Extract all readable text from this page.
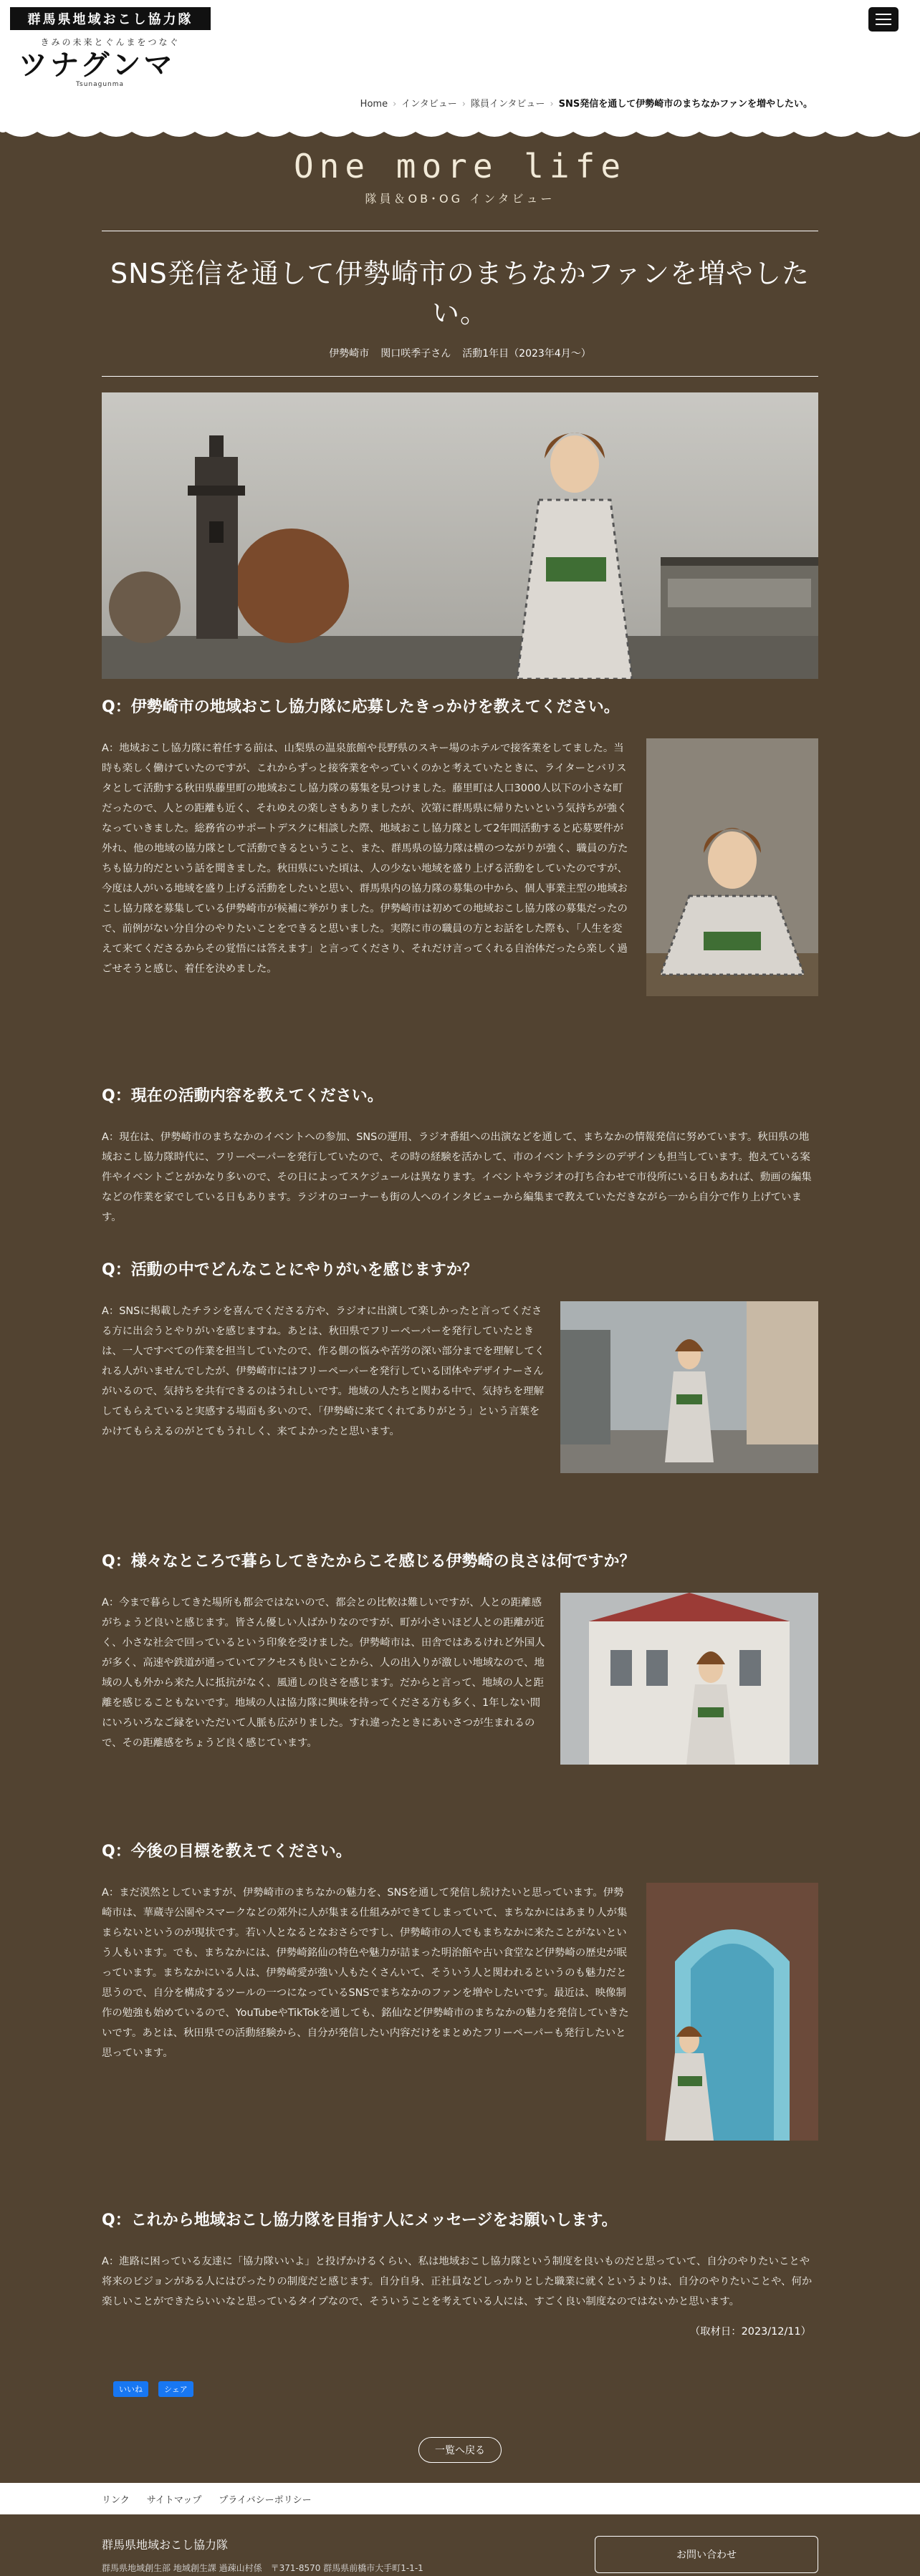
群馬県地域おこし協力隊
きみの未来とぐんまをつなぐ
ツナグンマ
Tsunagunma
Home › インタビュー › 隊員インタビュー › SNS発信を通して伊勢崎市のまちなかファンを増やしたい。
One more life
隊員＆OB･OG インタビュー
SNS発信を通して伊勢崎市のまちなかファンを増やしたい。
伊勢崎市 関口咲季子さん 活動1年目（2023年4月〜）
Q：伊勢崎市の地域おこし協力隊に応募したきっかけを教えてください。

A：地域おこし協力隊に着任する前は、山梨県の温泉旅館や長野県のスキー場のホテルで接客業をしてました。当時も楽しく働けていたのですが、これからずっと接客業をやっていくのかと考えていたときに、ライターとバリスタとして活動する秋田県藤里町の地域おこし協力隊の募集を見つけました。藤里町は人口3000人以下の小さな町だったので、人との距離も近く、それゆえの楽しさもありましたが、次第に群馬県に帰りたいという気持ちが強くなっていきました。総務省のサポートデスクに相談した際、地域おこし協力隊として2年間活動すると応募要件が外れ、他の地域の協力隊として活動できるということ、また、群馬県の協力隊は横のつながりが強く、職員の方たちも協力的だという話を聞きました。秋田県にいた頃は、人の少ない地域を盛り上げる活動をしていたのですが、今度は人がいる地域を盛り上げる活動をしたいと思い、群馬県内の協力隊の募集の中から、個人事業主型の地域おこし協力隊を募集している伊勢崎市が候補に挙がりました。伊勢崎市は初めての地域おこし協力隊の募集だったので、前例がない分自分のやりたいことをできると思いました。実際に市の職員の方とお話をした際も、「人生を変えて来てくださるからその覚悟には答えます」と言ってくださり、それだけ言ってくれる自治体だったら楽しく過ごせそうと感じ、着任を決めました。

Q：現在の活動内容を教えてください。

A：現在は、伊勢崎市のまちなかのイベントへの参加、SNSの運用、ラジオ番組への出演などを通して、まちなかの情報発信に努めています。秋田県の地域おこし協力隊時代に、フリーペーパーを発行していたので、その時の経験を活かして、市のイベントチラシのデザインも担当しています。抱えている案件やイベントごとがかなり多いので、その日によってスケジュールは異なります。イベントやラジオの打ち合わせで市役所にいる日もあれば、動画の編集などの作業を家でしている日もあります。ラジオのコーナーも街の人へのインタビューから編集まで教えていただきながら一から自分で作り上げています。

Q：活動の中でどんなことにやりがいを感じますか？

A：SNSに掲載したチラシを喜んでくださる方や、ラジオに出演して楽しかったと言ってくださる方に出会うとやりがいを感じますね。あとは、秋田県でフリーペーパーを発行していたときは、一人ですべての作業を担当していたので、作る側の悩みや苦労の深い部分までを理解してくれる人がいませんでしたが、伊勢崎市にはフリーペーパーを発行している団体やデザイナーさんがいるので、気持ちを共有できるのはうれしいです。地域の人たちと関わる中で、気持ちを理解してもらえていると実感する場面も多いので、「伊勢崎に来てくれてありがとう」という言葉をかけてもらえるのがとてもうれしく、来てよかったと思います。

Q：様々なところで暮らしてきたからこそ感じる伊勢崎の良さは何ですか？

A：今まで暮らしてきた場所も都会ではないので、都会との比較は難しいですが、人との距離感がちょうど良いと感じます。皆さん優しい人ばかりなのですが、町が小さいほど人との距離が近く、小さな社会で回っているという印象を受けました。伊勢崎市は、田舎ではあるけれど外国人が多く、高速や鉄道が通っていてアクセスも良いことから、人の出入りが激しい地域なので、地域の人も外から来た人に抵抗がなく、風通しの良さを感じます。だからと言って、地域の人と距離を感じることもないです。地域の人は協力隊に興味を持ってくださる方も多く、1年しない間にいろいろなご縁をいただいて人脈も広がりました。すれ違ったときにあいさつが生まれるので、その距離感をちょうど良く感じています。

Q：今後の目標を教えてください。

A：まだ漠然としていますが、伊勢崎市のまちなかの魅力を、SNSを通して発信し続けたいと思っています。伊勢崎市は、華蔵寺公園やスマークなどの郊外に人が集まる仕組みができてしまっていて、まちなかにはあまり人が集まらないというのが現状です。若い人となるとなおさらですし、伊勢崎市の人でもまちなかに来たことがないという人もいます。でも、まちなかには、伊勢崎銘仙の特色や魅力が詰まった明治館や古い食堂など伊勢崎の歴史が眠っています。まちなかにいる人は、伊勢崎愛が強い人もたくさんいて、そういう人と関われるというのも魅力だと思うので、自分を構成するツールの一つになっているSNSでまちなかのファンを増やしたいです。最近は、映像制作の勉強も始めているので、YouTubeやTikTokを通しても、銘仙など伊勢崎市のまちなかの魅力を発信していきたいです。あとは、秋田県での活動経験から、自分が発信したい内容だけをまとめたフリーペーパーも発行したいと思っています。

Q：これから地域おこし協力隊を目指す人にメッセージをお願いします。

A：進路に困っている友達に「協力隊いいよ」と投げかけるくらい、私は地域おこし協力隊という制度を良いものだと思っていて、自分のやりたいことや将来のビジョンがある人にはぴったりの制度だと感じます。自分自身、正社員などしっかりとした職業に就くというよりは、自分のやりたいことや、何か楽しいことができたらいいなと思っているタイプなので、そういうことを考えている人には、すごく良い制度なのではないかと思います。

（取材日：2023/12/11）
いいね	シェア
一覧へ戻る
リンク サイトマップ プライバシーポリシー
群馬県地域おこし協力隊
群馬県地域創生部 地域創生課 過疎山村係　〒371-8570 群馬県前橋市大手町1-1-1
お問い合わせ
